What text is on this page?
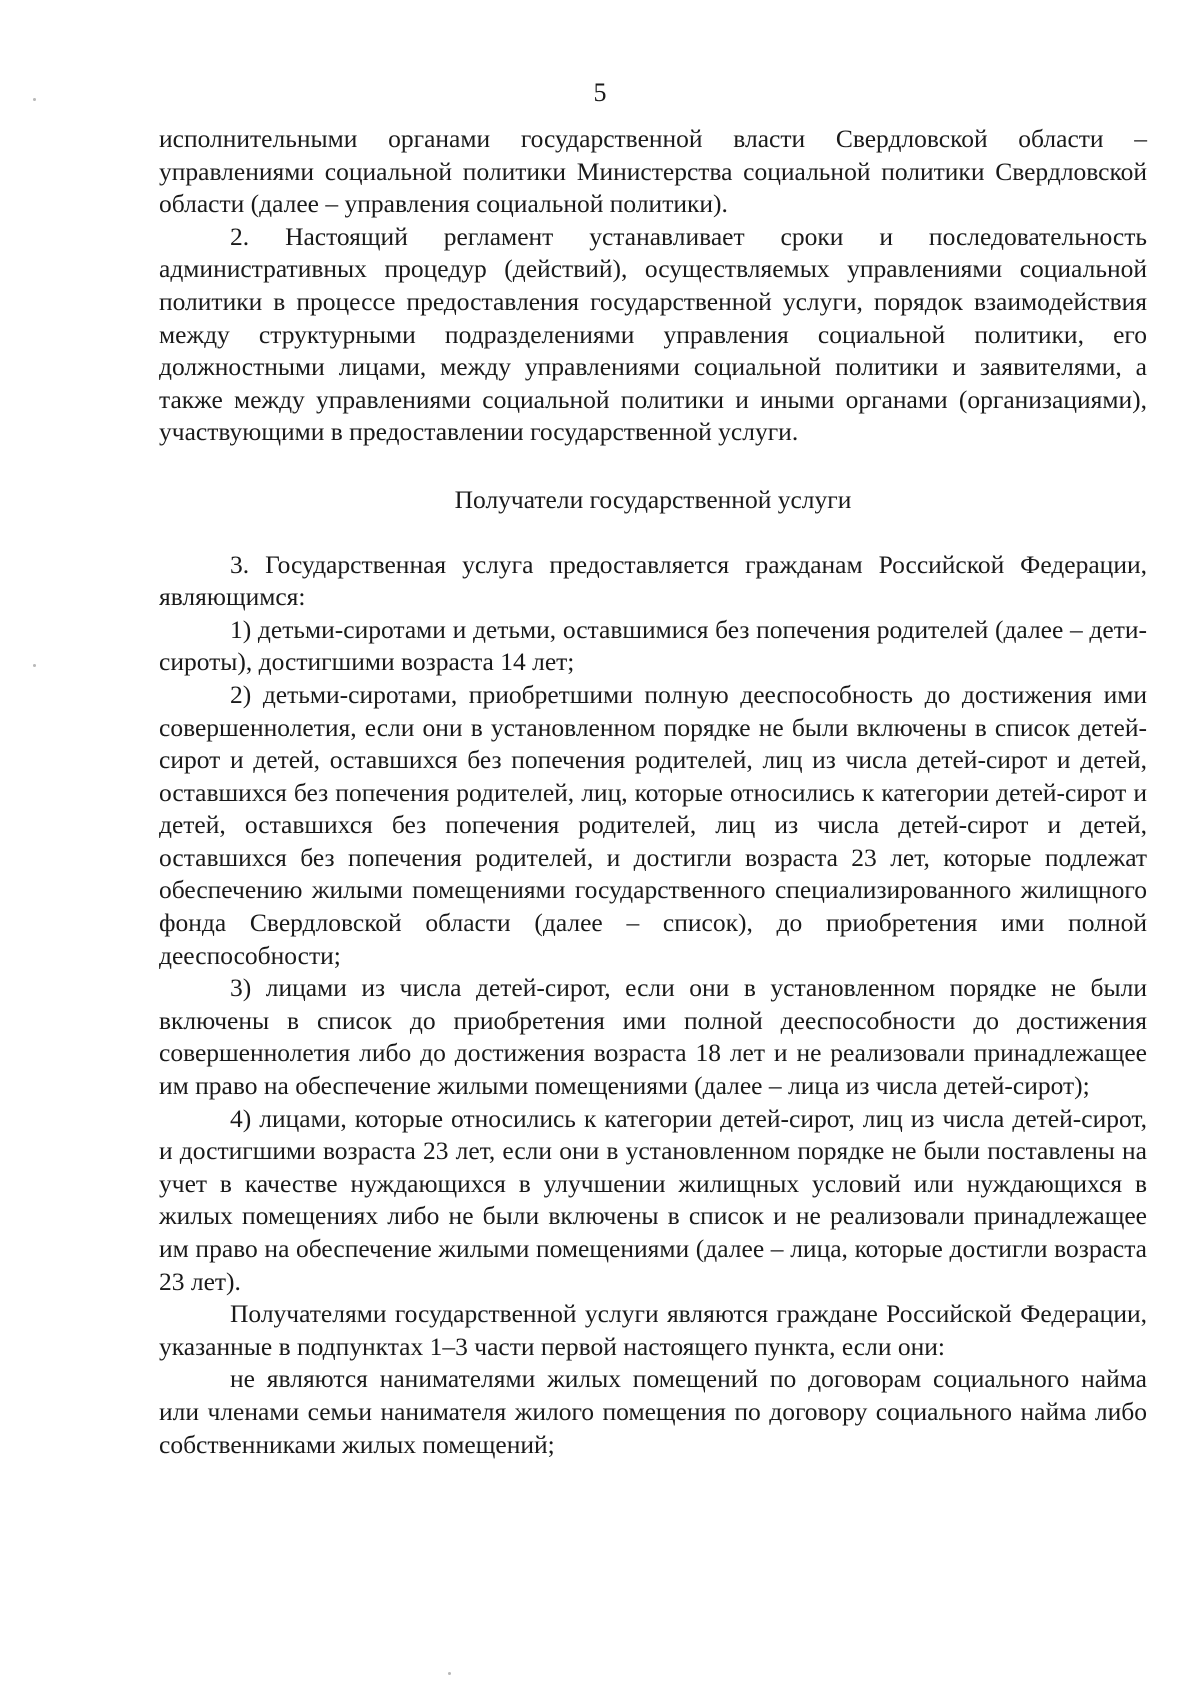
5

исполнительными органами государственной власти Свердловской области – управлениями социальной политики Министерства социальной политики Свердловской области (далее – управления социальной политики).

2. Настоящий регламент устанавливает сроки и последовательность административных процедур (действий), осуществляемых управлениями социальной политики в процессе предоставления государственной услуги, порядок взаимодействия между структурными подразделениями управления социальной политики, его должностными лицами, между управлениями социальной политики и заявителями, а также между управлениями социальной политики и иными органами (организациями), участвующими в предоставлении государственной услуги.

Получатели государственной услуги

3. Государственная услуга предоставляется гражданам Российской Федерации, являющимся:

1) детьми-сиротами и детьми, оставшимися без попечения родителей (далее – дети-сироты), достигшими возраста 14 лет;

2) детьми-сиротами, приобретшими полную дееспособность до достижения ими совершеннолетия, если они в установленном порядке не были включены в список детей-сирот и детей, оставшихся без попечения родителей, лиц из числа детей-сирот и детей, оставшихся без попечения родителей, лиц, которые относились к категории детей-сирот и детей, оставшихся без попечения родителей, лиц из числа детей-сирот и детей, оставшихся без попечения родителей, и достигли возраста 23 лет, которые подлежат обеспечению жилыми помещениями государственного специализированного жилищного фонда Свердловской области (далее – список), до приобретения ими полной дееспособности;

3) лицами из числа детей-сирот, если они в установленном порядке не были включены в список до приобретения ими полной дееспособности до достижения совершеннолетия либо до достижения возраста 18 лет и не реализовали принадлежащее им право на обеспечение жилыми помещениями (далее – лица из числа детей-сирот);

4) лицами, которые относились к категории детей-сирот, лиц из числа детей-сирот, и достигшими возраста 23 лет, если они в установленном порядке не были поставлены на учет в качестве нуждающихся в улучшении жилищных условий или нуждающихся в жилых помещениях либо не были включены в список и не реализовали принадлежащее им право на обеспечение жилыми помещениями (далее – лица, которые достигли возраста 23 лет).

Получателями государственной услуги являются граждане Российской Федерации, указанные в подпунктах 1–3 части первой настоящего пункта, если они:

не являются нанимателями жилых помещений по договорам социального найма или членами семьи нанимателя жилого помещения по договору социального найма либо собственниками жилых помещений;
